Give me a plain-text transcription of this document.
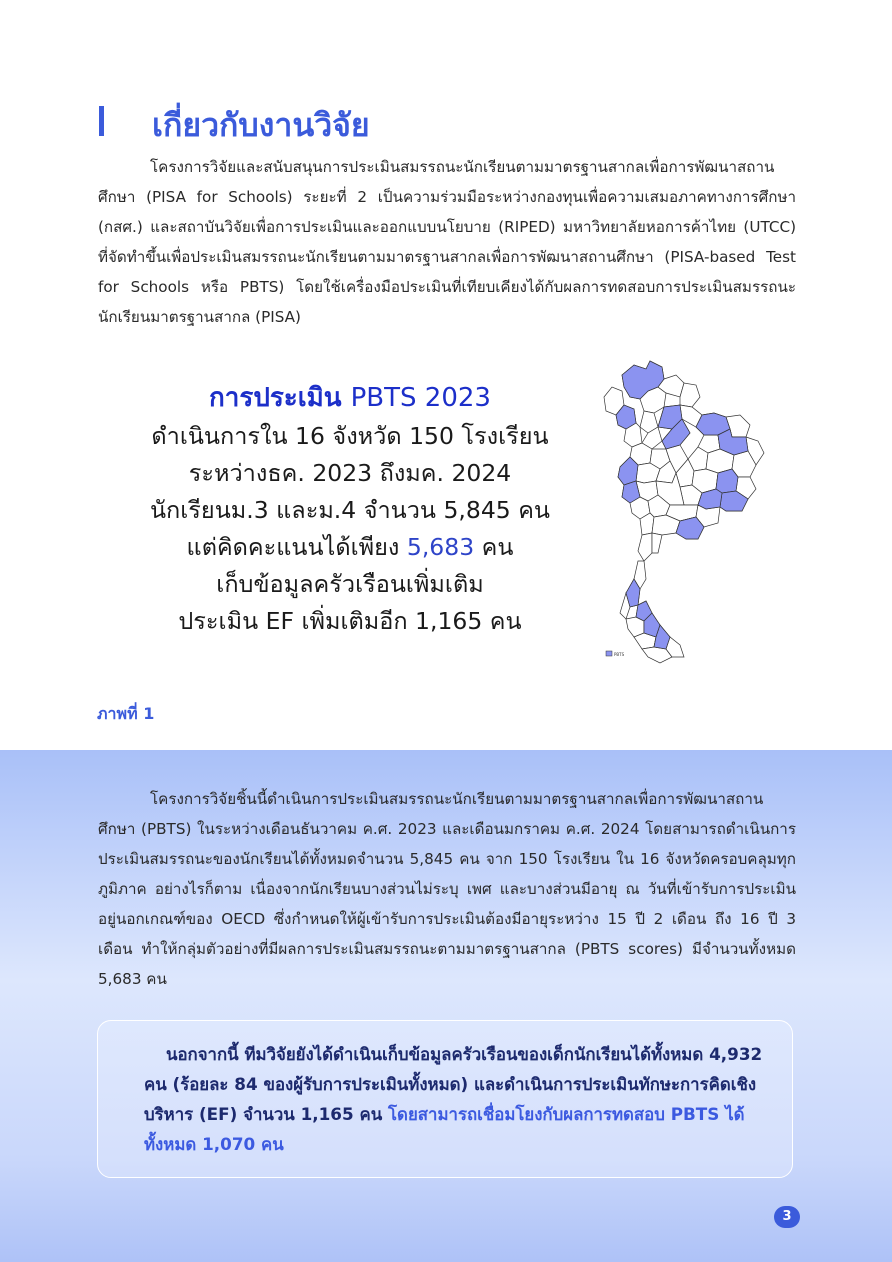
เกี่ยวกับงานวิจัย
โครงการวิจัยและสนับสนุนการประเมินสมรรถนะนักเรียนตามมาตรฐานสากลเพื่อการพัฒนาสถานศึกษา (PISA for Schools) ระยะที่ 2 เป็นความร่วมมือระหว่างกองทุนเพื่อความเสมอภาคทางการศึกษา (กสศ.) และสถาบันวิจัยเพื่อการประเมินและออกแบบนโยบาย (RIPED) มหาวิทยาลัยหอการค้าไทย (UTCC) ที่จัดทำขึ้นเพื่อประเมินสมรรถนะนักเรียนตามมาตรฐานสากลเพื่อการพัฒนาสถานศึกษา (PISA-based Test for Schools หรือ PBTS) โดยใช้เครื่องมือประเมินที่เทียบเคียงได้กับผลการทดสอบการประเมินสมรรถนะนักเรียนมาตรฐานสากล (PISA)
การประเมิน PBTS 2023
ดำเนินการใน 16 จังหวัด 150 โรงเรียน
ระหว่างธค. 2023 ถึงมค. 2024
นักเรียนม.3 และม.4 จำนวน 5,845 คน
แต่คิดคะแนนได้เพียง 5,683 คน
เก็บข้อมูลครัวเรือนเพิ่มเติม
ประเมิน EF เพิ่มเติมอีก 1,165 คน
PBTS
ภาพที่ 1
โครงการวิจัยชิ้นนี้ดำเนินการประเมินสมรรถนะนักเรียนตามมาตรฐานสากลเพื่อการพัฒนาสถานศึกษา (PBTS) ในระหว่างเดือนธันวาคม ค.ศ. 2023 และเดือนมกราคม ค.ศ. 2024 โดยสามารถดำเนินการประเมินสมรรถนะของนักเรียนได้ทั้งหมดจำนวน 5,845 คน จาก 150 โรงเรียน ใน 16 จังหวัดครอบคลุมทุกภูมิภาค อย่างไรก็ตาม เนื่องจากนักเรียนบางส่วนไม่ระบุ เพศ และบางส่วนมีอายุ ณ วันที่เข้ารับการประเมิน อยู่นอกเกณฑ์ของ OECD ซึ่งกำหนดให้ผู้เข้ารับการประเมินต้องมีอายุระหว่าง 15 ปี 2 เดือน ถึง 16 ปี 3 เดือน ทำให้กลุ่มตัวอย่างที่มีผลการประเมินสมรรถนะตามมาตรฐานสากล (PBTS scores) มีจำนวนทั้งหมด 5,683 คน
นอกจากนี้ ทีมวิจัยยังได้ดำเนินเก็บข้อมูลครัวเรือนของเด็กนักเรียนได้ทั้งหมด 4,932 คน (ร้อยละ 84 ของผู้รับการประเมินทั้งหมด) และดำเนินการประเมินทักษะการคิดเชิงบริหาร (EF) จำนวน 1,165 คน โดยสามารถเชื่อมโยงกับผลการทดสอบ PBTS ได้ทั้งหมด 1,070 คน
3
